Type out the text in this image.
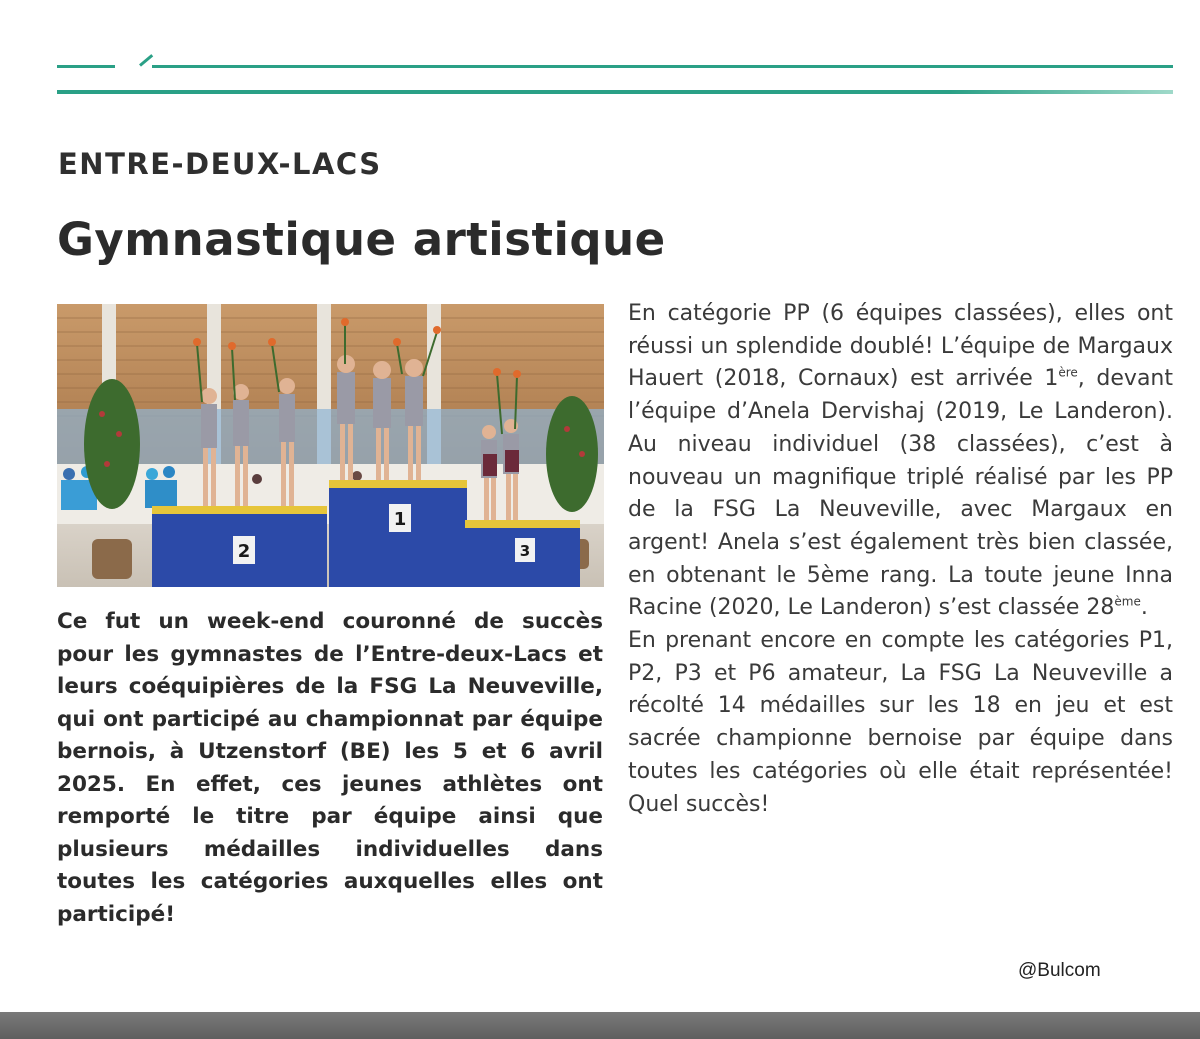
ENTRE-DEUX-LACS
Gymnastique artistique
2
1
3

Ce fut un week-end couronné de succès pour les gymnastes de l’Entre-deux-Lacs et leurs coéquipières de la FSG La Neuveville, qui ont participé au championnat par équipe bernois, à Utzenstorf (BE) les 5 et 6 avril 2025. En effet, ces jeunes athlètes ont remporté le titre par équipe ainsi que plusieurs médailles individuelles dans toutes les catégories auxquelles elles ont participé!

En catégorie PP (6 équipes classées), elles ont réussi un splendide doublé! L’équipe de Margaux Hauert (2018, Cornaux) est arrivée 1ère, devant l’équipe d’Anela Dervishaj (2019, Le Landeron). Au niveau individuel (38 classées), c’est à nouveau un magnifique triplé réalisé par les PP de la FSG La Neuveville, avec Margaux en argent! Anela s’est également très bien classée, en obtenant le 5ème rang. La toute jeune Inna Racine (2020, Le Landeron) s’est classée 28ème.

En prenant encore en compte les catégories P1, P2, P3 et P6 amateur, La FSG La Neuveville a récolté 14 médailles sur les 18 en jeu et est sacrée championne bernoise par équipe dans toutes les catégories où elle était représentée! Quel succès!

@Bulcom
